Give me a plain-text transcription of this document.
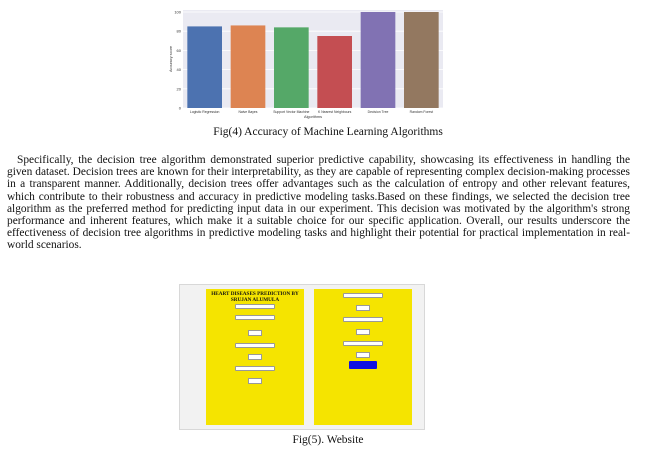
0
20
40
60
80
100
Logistic Regression	Naive Bayes	Support Vector Machine	K Nearest Neighbours	Decision Tree	Random Forest
Algorithms
Accuracy score
Fig(4) Accuracy of Machine Learning Algorithms

Specifically, the decision tree algorithm demonstrated superior predictive capability, showcasing its effectiveness in handling the given dataset. Decision trees are known for their interpretability, as they are capable of representing complex decision-making processes in a transparent manner. Additionally, decision trees offer advantages such as the calculation of entropy and other relevant features, which contribute to their robustness and accuracy in predictive modeling tasks.Based on these findings, we selected the decision tree algorithm as the preferred method for predicting input data in our experiment. This decision was motivated by the algorithm's strong performance and inherent features, which make it a suitable choice for our specific application. Overall, our results underscore the effectiveness of decision tree algorithms in predictive modeling tasks and highlight their potential for practical implementation in real-world scenarios.

HEART DISEASES PREDICTION BY SRUJAN ALUMULA

Fig(5). Website
